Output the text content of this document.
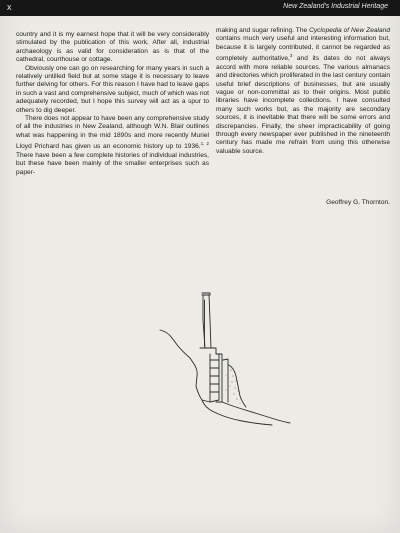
x	New Zealand's Industrial Heritage

country and it is my earnest hope that it will be very considerably stimulated by the publication of this work. After all, industrial archaeology is as valid for consideration as is that of the cathedral, courthouse or cottage.

Obviously one can go on researching for many years in such a relatively untilled field but at some stage it is necessary to leave further delving for others. For this reason I have had to leave gaps in such a vast and comprehensive subject, much of which was not adequately recorded, but I hope this survey will act as a spur to others to dig deeper.

There does not appear to have been any comprehensive study of all the industries in New Zealand, although W.N. Blair outlines what was happening in the mid 1890s and more recently Muriel Lloyd Prichard has given us an economic history up to 1936.$^{1, 2}$ There have been a few complete histories of individual industries, but these have been mainly of the smaller enterprises such as paper-

making and sugar refining. The Cyclopedia of New Zealand contains much very useful and interesting information but, because it is largely contributed, it cannot be regarded as completely authoritative,$^3$ and its dates do not always accord with more reliable sources. The various almanacs and directories which proliferated in the last century contain useful brief descriptions of businesses, but are usually vague or non-committal as to their origins. Most public libraries have incomplete collections. I have consulted many such works but, as the majority are secondary sources, it is inevitable that there will be some errors and discrepancies. Finally, the sheer impracticability of going through every newspaper ever published in the nineteenth century has made me refrain from using this otherwise valuable source.

Geoffrey G. Thornton.
